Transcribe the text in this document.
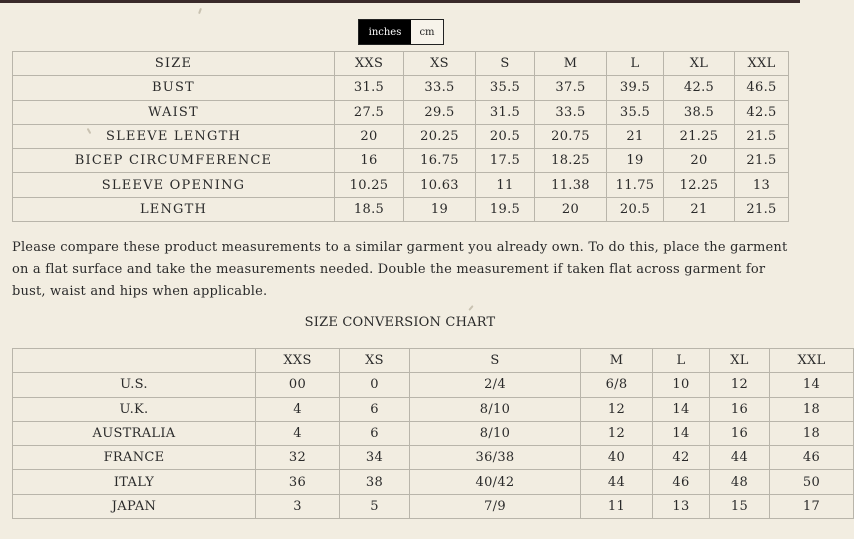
inches	cm
SIZE	XXS	XS	S	M	L	XL	XXL
BUST	31.5	33.5	35.5	37.5	39.5	42.5	46.5
WAIST	27.5	29.5	31.5	33.5	35.5	38.5	42.5
SLEEVE LENGTH	20	20.25	20.5	20.75	21	21.25	21.5
BICEP CIRCUMFERENCE	16	16.75	17.5	18.25	19	20	21.5
SLEEVE OPENING	10.25	10.63	11	11.38	11.75	12.25	13
LENGTH	18.5	19	19.5	20	20.5	21	21.5
Please compare these product measurements to a similar garment you already own. To do this, place the garment on a flat surface and take the measurements needed. Double the measurement if taken flat across garment for bust, waist and hips when applicable.
SIZE CONVERSION CHART
	XXS	XS	S	M	L	XL	XXL
U.S.	00	0	2/4	6/8	10	12	14
U.K.	4	6	8/10	12	14	16	18
AUSTRALIA	4	6	8/10	12	14	16	18
FRANCE	32	34	36/38	40	42	44	46
ITALY	36	38	40/42	44	46	48	50
JAPAN	3	5	7/9	11	13	15	17
